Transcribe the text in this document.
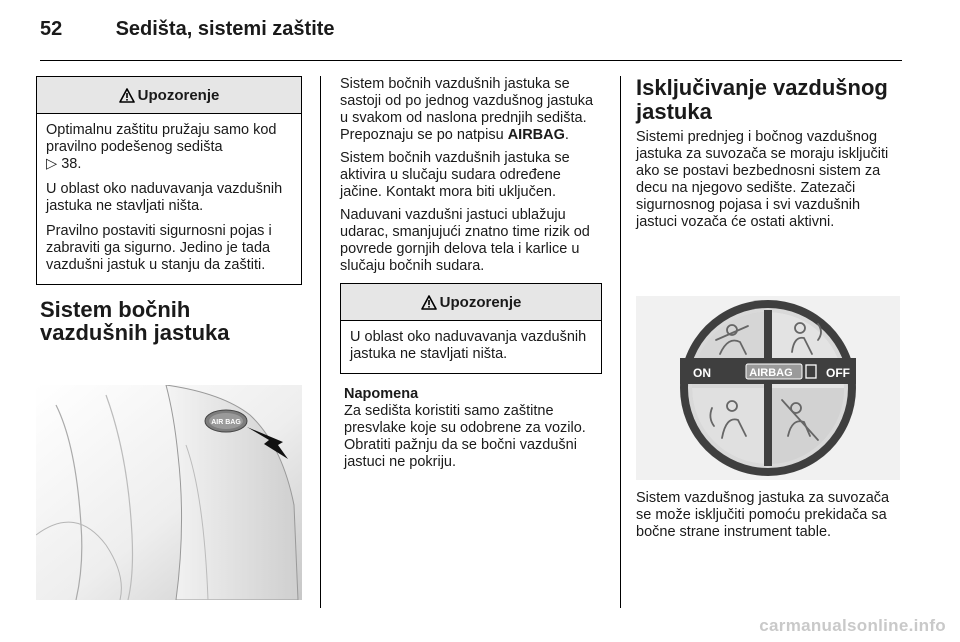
52	Sedišta, sistemi zaštite
Upozorenje

Optimalnu zaštitu pružaju samo kod pravilno podešenog sedišta
▷ 38.

U oblast oko naduvavanja vazdušnih jastuka ne stavljati ništa.

Pravilno postaviti sigurnosni pojas i zabraviti ga sigurno. Jedino je tada vazdušni jastuk u stanju da zaštiti.

Sistem bočnih vazdušnih jastuka
AIR BAG

Sistem bočnih vazdušnih jastuka se sastoji od po jednog vazdušnog jastuka u svakom od naslona prednjih sedišta. Prepoznaju se po natpisu AIRBAG.

Sistem bočnih vazdušnih jastuka se aktivira u slučaju sudara određene jačine. Kontakt mora biti uključen.

Naduvani vazdušni jastuci ublažuju udarac, smanjujući znatno time rizik od povrede gornjih delova tela i karlice u slučaju bočnih sudara.

Upozorenje

U oblast oko naduvavanja vazdušnih jastuka ne stavljati ništa.

Napomena

Za sedišta koristiti samo zaštitne presvlake koje su odobrene za vozilo. Obratiti pažnju da se bočni vazdušni jastuci ne pokriju.

Isključivanje vazdušnog jastuka

Sistemi prednjeg i bočnog vazdušnog jastuka za suvozača se moraju isključiti ako se postavi bezbednosni sistem za decu na njegovo sedište. Zatezači sigurnosnog pojasa i svi vazdušnih jastuci vozača će ostati aktivni.

ON	AIRBAG	OFF

Sistem vazdušnog jastuka za suvozača se može isključiti pomoću prekidača sa bočne strane instrument table.

carmanualsonline.info
